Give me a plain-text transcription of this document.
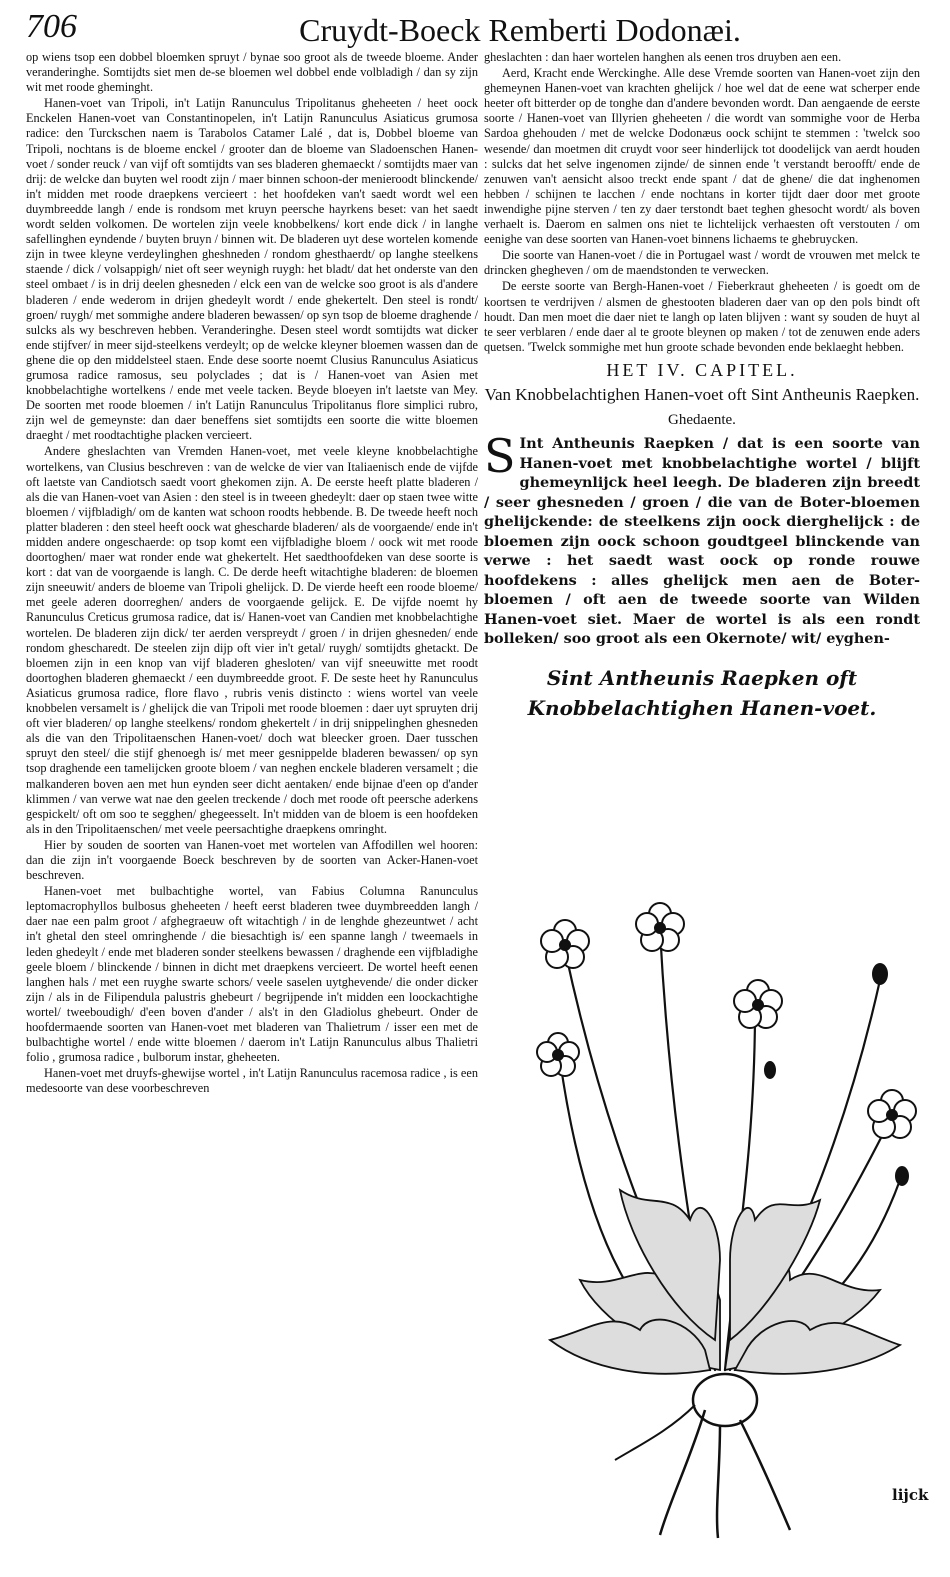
706	Cruydt-Boeck Remberti Dodonæi.

op wiens tsop een dobbel bloemken spruyt / bynae soo groot als de tweede bloeme. Ander veranderinghe. Somtijdts siet men de-se bloemen wel dobbel ende volbladigh / dan sy zijn wit met roode gheminght.

Hanen-voet van Tripoli, in't Latijn Ranunculus Tripolitanus gheheeten / heet oock Enckelen Hanen-voet van Constantinopelen, in't Latijn Ranunculus Asiaticus grumosa radice: den Turckschen naem is Tarabolos Catamer Lalé , dat is, Dobbel bloeme van Tripoli, nochtans is de bloeme enckel / grooter dan de bloeme van Sladoenschen Hanen-voet / sonder reuck / van vijf oft somtijdts van ses bladeren ghemaeckt / somtijdts maer van drij: de welcke dan buyten wel roodt zijn / maer binnen schoon-der menieroodt blinckende/ in't midden met roode draepkens vercieert : het hoofdeken van't saedt wordt wel een duymbreedde langh / ende is rondsom met kruyn peersche hayrkens beset: van het saedt wordt selden volkomen. De wortelen zijn veele knobbelkens/ kort ende dick / in langhe safellinghen eyndende / buyten bruyn / binnen wit. De bladeren uyt dese wortelen komende zijn in twee kleyne verdeylinghen gheshneden / rondom ghesthaerdt/ op langhe steelkens staende / dick / volsappigh/ niet oft seer weynigh ruygh: het bladt/ dat het onderste van den steel ombaet / is in drij deelen ghesneden / elck een van de welcke soo groot is als d'andere bladeren / ende wederom in drijen ghedeylt wordt / ende ghekertelt. Den steel is rondt/ groen/ ruygh/ met sommighe andere bladeren bewassen/ op syn tsop de bloeme draghende / sulcks als wy beschreven hebben. Veranderinghe. Desen steel wordt somtijdts wat dicker ende stijfver/ in meer sijd-steelkens verdeylt; op de welcke kleyner bloemen wassen dan de ghene die op den middelsteel staen. Ende dese soorte noemt Clusius Ranunculus Asiaticus grumosa radice ramosus, seu polyclades ; dat is / Hanen-voet van Asien met knobbelachtighe wortelkens / ende met veele tacken. Beyde bloeyen in't laetste van Mey. De soorten met roode bloemen / in't Latijn Ranunculus Tripolitanus flore simplici rubro, zijn wel de gemeynste: dan daer beneffens siet somtijdts een soorte die witte bloemen draeght / met roodtachtighe placken vercieert.

Andere gheslachten van Vremden Hanen-voet, met veele kleyne knobbelachtighe wortelkens, van Clusius beschreven : van de welcke de vier van Italiaenisch ende de vijfde oft laetste van Candiotsch saedt voort ghekomen zijn. A. De eerste heeft platte bladeren / als die van Hanen-voet van Asien : den steel is in tweeen ghedeylt: daer op staen twee witte bloemen / vijfbladigh/ om de kanten wat schoon roodts hebbende. B. De tweede heeft noch platter bladeren : den steel heeft oock wat ghescharde bladeren/ als de voorgaende/ ende in't midden andere ongeschaerde: op tsop komt een vijfbladighe bloem / oock wit met roode doortoghen/ maer wat ronder ende wat ghekertelt. Het saedthoofdeken van dese soorte is kort : dat van de voorgaende is langh. C. De derde heeft witachtighe bladeren: de bloemen zijn sneeuwit/ anders de bloeme van Tripoli ghelijck. D. De vierde heeft een roode bloeme/ met geele aderen doorreghen/ anders de voorgaende gelijck. E. De vijfde noemt hy Ranunculus Creticus grumosa radice, dat is/ Hanen-voet van Candien met knobbelachtighe wortelen. De bladeren zijn dick/ ter aerden verspreydt / groen / in drijen ghesneden/ ende rondom ghescharedt. De steelen zijn dijp oft vier in't getal/ ruygh/ somtijdts ghetackt. De bloemen zijn in een knop van vijf bladeren ghesloten/ van vijf sneeuwitte met roodt doortoghen bladeren ghemaeckt / een duymbreedde groot. F. De seste heet hy Ranunculus Asiaticus grumosa radice, flore flavo , rubris venis distincto : wiens wortel van veele knobbelen versamelt is / ghelijck die van Tripoli met roode bloemen : daer uyt spruyten drij oft vier bladeren/ op langhe steelkens/ rondom ghekertelt / in drij snippelinghen ghesneden als die van den Tripolitaenschen Hanen-voet/ doch wat bleecker groen. Daer tusschen spruyt den steel/ die stijf ghenoegh is/ met meer gesnippelde bladeren bewassen/ op syn tsop draghende een tamelijcken groote bloem / van neghen enckele bladeren versamelt ; die malkanderen boven aen met hun eynden seer dicht aentaken/ ende bijnae d'een op d'ander klimmen / van verwe wat nae den geelen treckende / doch met roode oft peersche aderkens gespickelt/ oft om soo te segghen/ ghegeesselt. In't midden van de bloem is een hoofdeken als in den Tripolitaenschen/ met veele peersachtighe draepkens omringht.

Hier by souden de soorten van Hanen-voet met wortelen van Affodillen wel hooren: dan die zijn in't voorgaende Boeck beschreven by de soorten van Acker-Hanen-voet beschreven.

Hanen-voet met bulbachtighe wortel, van Fabius Columna Ranunculus leptomacrophyllos bulbosus gheheeten / heeft eerst bladeren twee duymbreedden langh / daer nae een palm groot / afghegraeuw oft witachtigh / in de lenghde ghezeuntwet / acht in't ghetal den steel omringhende / die biesachtigh is/ een spanne langh / tweemaels in leden ghedeylt / ende met bladeren sonder steelkens bewassen / draghende een vijfbladighe geele bloem / blinckende / binnen in dicht met draepkens vercieert. De wortel heeft eenen langhen hals / met een ruyghe swarte schors/ veele saselen uytghevende/ die onder dicker zijn / als in de Filipendula palustris ghebeurt / begrijpende in't midden een loockachtighe wortel/ tweeboudigh/ d'een boven d'ander / als't in den Gladiolus ghebeurt. Onder de hoofdermaende soorten van Hanen-voet met bladeren van Thalietrum / isser een met de bulbachtighe wortel / ende witte bloemen / daerom in't Latijn Ranunculus albus Thalietri folio , grumosa radice , bulborum instar, gheheeten.

Hanen-voet met druyfs-ghewijse wortel , in't Latijn Ranunculus racemosa radice , is een medesoorte van dese voorbeschreven

gheslachten : dan haer wortelen hanghen als eenen tros druyben aen een.

Aerd, Kracht ende Werckinghe. Alle dese Vremde soorten van Hanen-voet zijn den ghemeynen Hanen-voet van krachten ghelijck / hoe wel dat de eene wat scherper ende heeter oft bitterder op de tonghe dan d'andere bevonden wordt. Dan aengaende de eerste soorte / Hanen-voet van Illyrien gheheeten / die wordt van sommighe voor de Herba Sardoa ghehouden / met de welcke Dodonæus oock schijnt te stemmen : 'twelck soo wesende/ dan moetmen dit cruydt voor seer hinderlijck tot doodelijck van aerdt houden : sulcks dat het selve ingenomen zijnde/ de sinnen ende 't verstandt beroofft/ ende de zenuwen van't aensicht alsoo treckt ende spant / dat de ghene/ die dat inghenomen hebben / schijnen te lacchen / ende nochtans in korter tijdt daer door met groote inwendighe pijne sterven / ten zy daer terstondt baet teghen ghesocht wordt/ als boven verhaelt is. Daerom en salmen ons niet te lichtelijck verhaesten oft verstouten / om eenighe van dese soorten van Hanen-voet binnens lichaems te ghebruycken.

Die soorte van Hanen-voet / die in Portugael wast / wordt de vrouwen met melck te drincken ghegheven / om de maendstonden te verwecken.

De eerste soorte van Bergh-Hanen-voet / Fieberkraut gheheeten / is goedt om de koortsen te verdrijven / alsmen de ghestooten bladeren daer van op den pols bindt oft houdt. Dan men moet die daer niet te langh op laten blijven : want sy souden de huyt al te seer verblaren / ende daer al te groote bleynen op maken / tot de zenuwen ende aders quetsen. 'Twelck sommighe met hun groote schade bevonden ende beklaeght hebben.

HET IV. CAPITEL.
Van Knobbelachtighen Hanen-voet oft Sint Antheunis Raepken.
Ghedaente.
S Int Antheunis Raepken / dat is een soorte van Hanen-voet met knobbelachtighe wortel / blijft ghemeynlijck heel leegh. De bladeren zijn breedt / seer ghesneden / groen / die van de Boter-bloemen ghelijckende: de steelkens zijn oock dierghelijck : de bloemen zijn oock schoon goudtgeel blinckende van verwe : het saedt wast oock op ronde rouwe hoofdekens : alles ghelijck men aen de Boter-bloemen / oft aen de tweede soorte van Wilden Hanen-voet siet. Maer de wortel is als een rondt bolleken/ soo groot als een Okernote/ wit/ eyghen-
Sint Antheunis Raepken oft Knobbelachtighen Hanen-voet.
lijck
